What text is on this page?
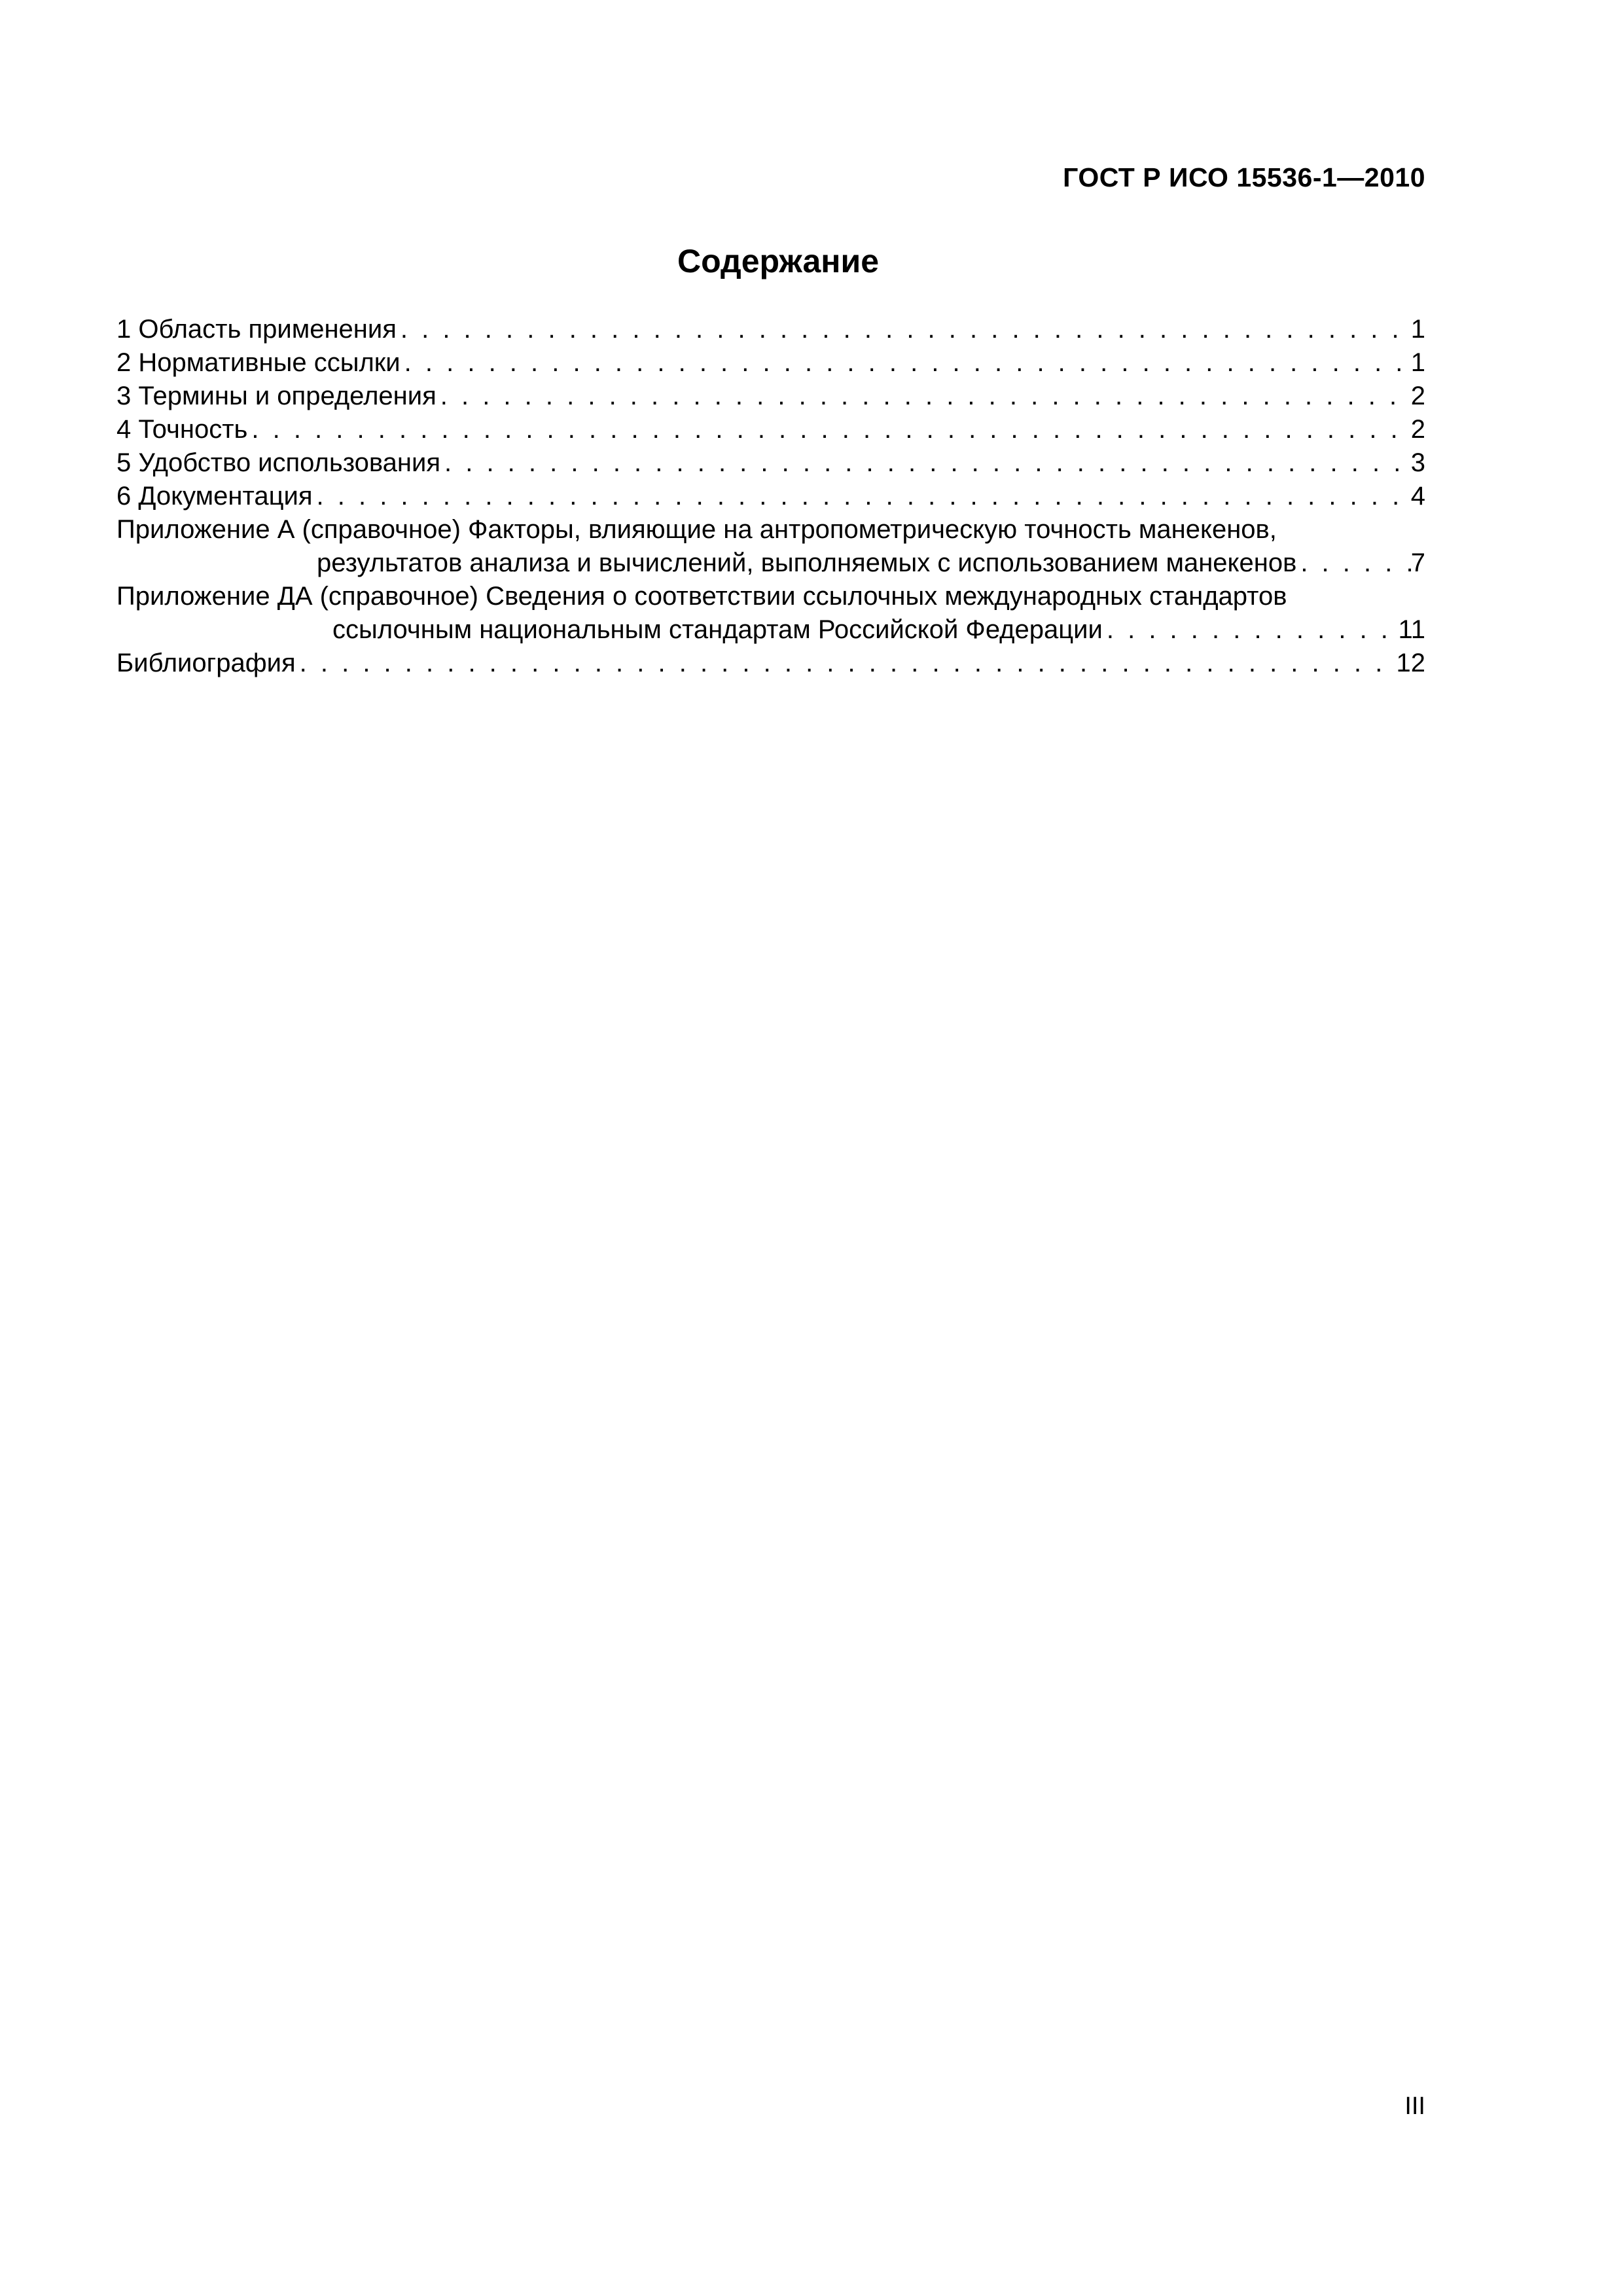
ГОСТ Р ИСО 15536-1—2010
Содержание
1 Область применения . . .	1
2 Нормативные ссылки . . .	1
3 Термины и определения . . .	2
4 Точность . . .	2
5 Удобство использования . . .	3
6 Документация . . .	4
Приложение А (справочное) Факторы, влияющие на антропометрическую точность манекенов,
результатов анализа и вычислений, выполняемых с использованием манекенов . . .	7
Приложение ДА (справочное) Сведения о соответствии ссылочных международных стандартов
ссылочным национальным стандартам Российской Федерации . . .	11
Библиография . . .	12
III
